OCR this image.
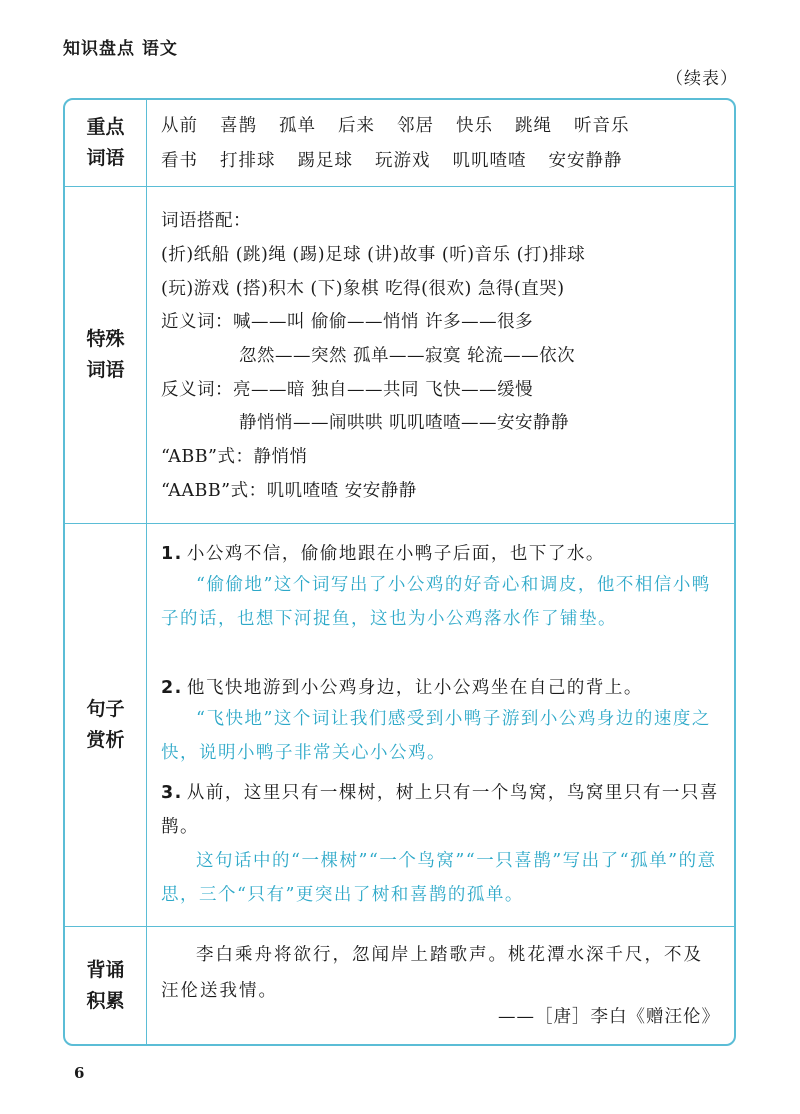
知识盘点 语文
（续表）
重点词语
从前 喜鹊 孤单 后来 邻居 快乐 跳绳 听音乐
看书 打排球 踢足球 玩游戏 叽叽喳喳 安安静静
特殊词语
词语搭配：
(折)纸船 (跳)绳 (踢)足球 (讲)故事 (听)音乐 (打)排球
(玩)游戏 (搭)积木 (下)象棋 吃得(很欢) 急得(直哭)
近义词：喊——叫 偷偷——悄悄 许多——很多
忽然——突然 孤单——寂寞 轮流——依次
反义词：亮——暗 独自——共同 飞快——缓慢
静悄悄——闹哄哄 叽叽喳喳——安安静静
“ABB”式：静悄悄
“AABB”式：叽叽喳喳 安安静静
句子赏析
1. 小公鸡不信，偷偷地跟在小鸭子后面，也下了水。
“偷偷地”这个词写出了小公鸡的好奇心和调皮，他不相信小鸭子的话，也想下河捉鱼，这也为小公鸡落水作了铺垫。
2. 他飞快地游到小公鸡身边，让小公鸡坐在自己的背上。
“飞快地”这个词让我们感受到小鸭子游到小公鸡身边的速度之快，说明小鸭子非常关心小公鸡。
3. 从前，这里只有一棵树，树上只有一个鸟窝，鸟窝里只有一只喜鹊。
这句话中的“一棵树”“一个鸟窝”“一只喜鹊”写出了“孤单”的意思，三个“只有”更突出了树和喜鹊的孤单。
背诵积累
李白乘舟将欲行，忽闻岸上踏歌声。桃花潭水深千尺，不及汪伦送我情。
——［唐］李白《赠汪伦》
6
